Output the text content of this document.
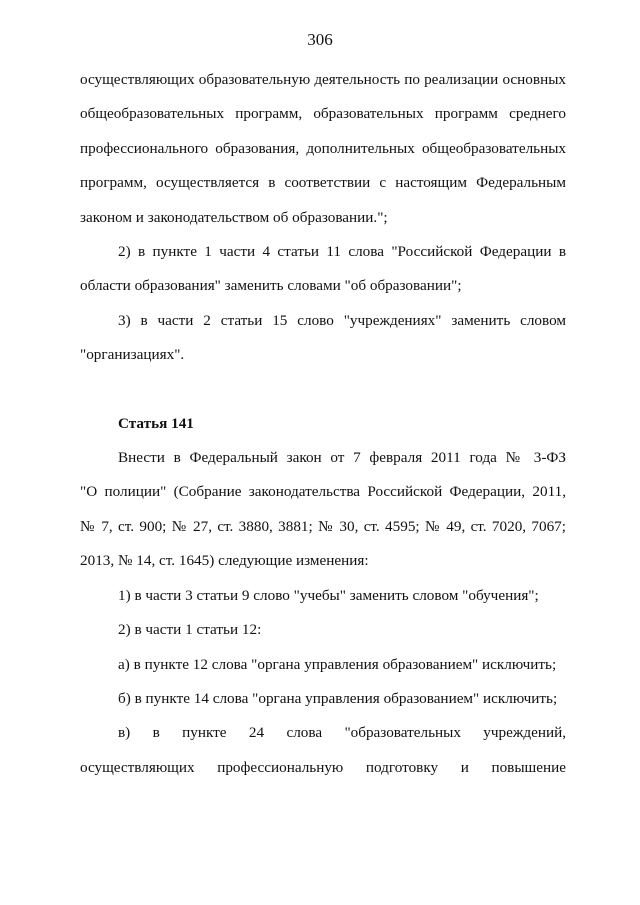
306
осуществляющих образовательную деятельность по реализации основных
общеобразовательных программ, образовательных программ среднего
профессионального образования, дополнительных общеобразовательных
программ, осуществляется в соответствии с настоящим Федеральным
законом и законодательством об образовании.";
2) в пункте 1 части 4 статьи 11 слова "Российской Федерации в
области образования" заменить словами "об образовании";
3) в части 2 статьи 15 слово "учреждениях" заменить словом
"организациях".
Статья 141
Внести в Федеральный закон от 7 февраля 2011 года № 3-ФЗ
"О полиции" (Собрание законодательства Российской Федерации, 2011,
№ 7, ст. 900; № 27, ст. 3880, 3881; № 30, ст. 4595; № 49, ст. 7020, 7067;
2013, № 14, ст. 1645) следующие изменения:
1) в части 3 статьи 9 слово "учебы" заменить словом "обучения";
2) в части 1 статьи 12:
а) в пункте 12 слова "органа управления образованием" исключить;
б) в пункте 14 слова "органа управления образованием" исключить;
в) в пункте 24 слова "образовательных учреждений,
осуществляющих профессиональную подготовку и повышение
